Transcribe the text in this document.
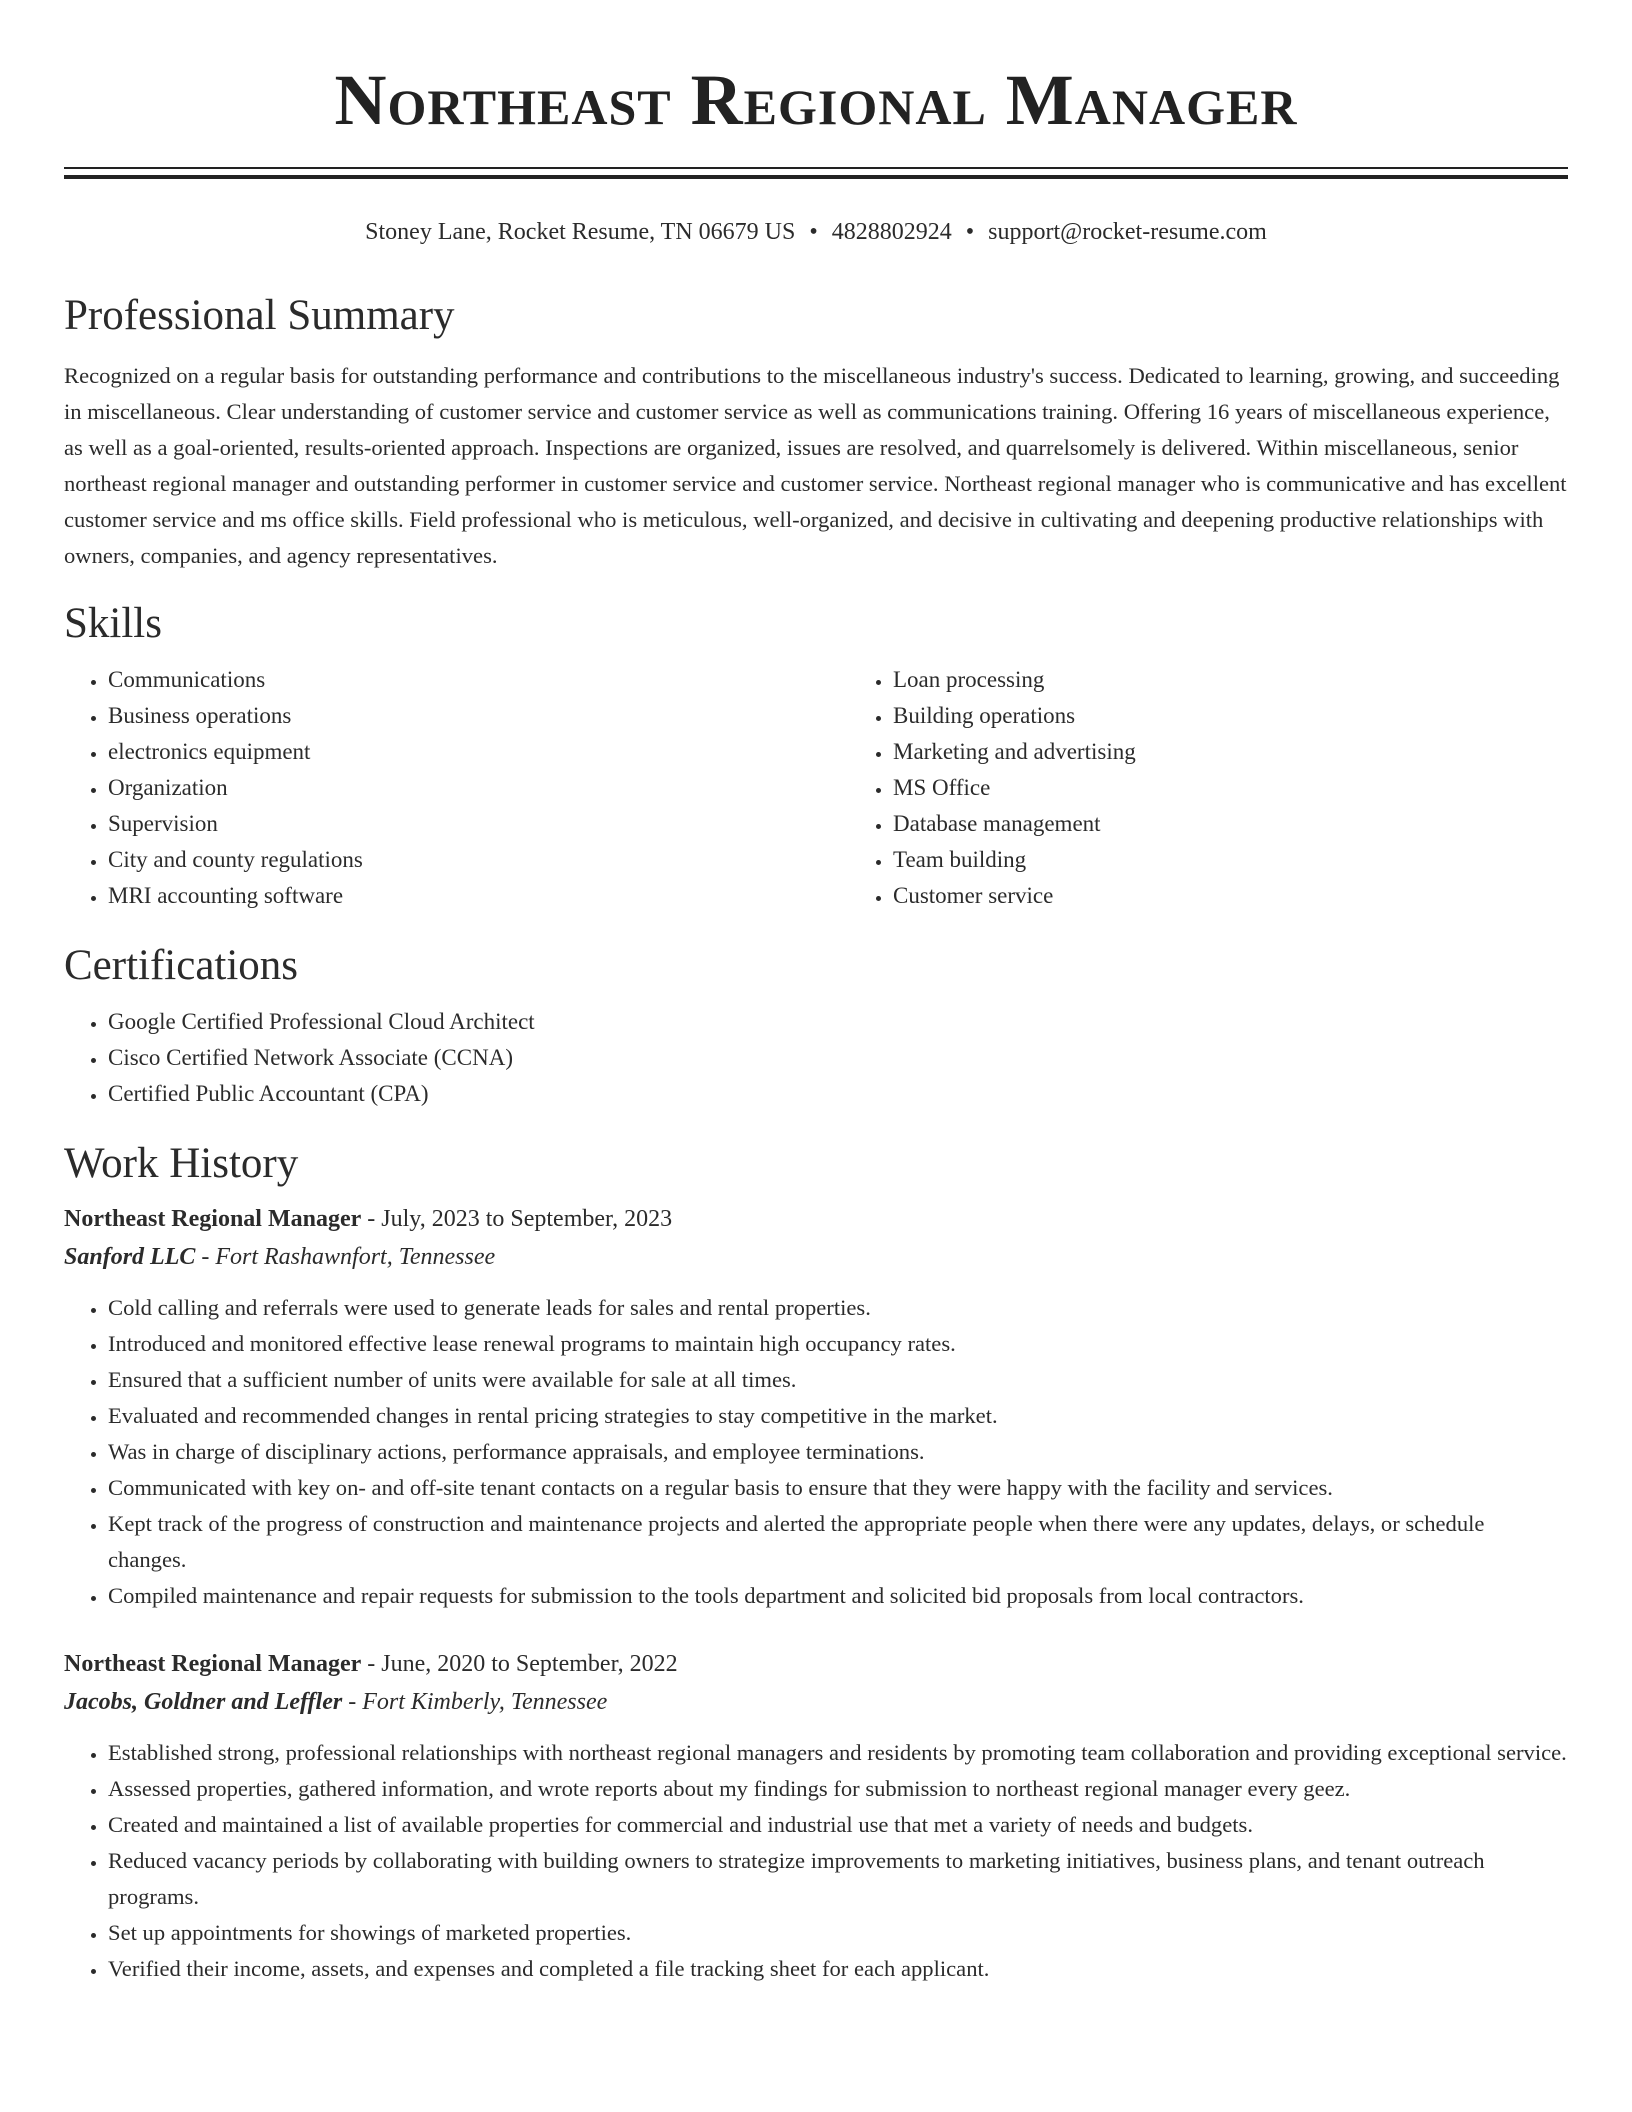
Northeast Regional Manager
Stoney Lane, Rocket Resume, TN 06679 US • 4828802924 • support@rocket-resume.com
Professional Summary

Recognized on a regular basis for outstanding performance and contributions to the miscellaneous industry's success. Dedicated to learning, growing, and succeeding in miscellaneous. Clear understanding of customer service and customer service as well as communications training. Offering 16 years of miscellaneous experience, as well as a goal-oriented, results-oriented approach. Inspections are organized, issues are resolved, and quarrelsomely is delivered. Within miscellaneous, senior northeast regional manager and outstanding performer in customer service and customer service. Northeast regional manager who is communicative and has excellent customer service and ms office skills. Field professional who is meticulous, well-organized, and decisive in cultivating and deepening productive relationships with owners, companies, and agency representatives.

Skills
• Communications
• Business operations
• electronics equipment
• Organization
• Supervision
• City and county regulations
• MRI accounting software
• Loan processing
• Building operations
• Marketing and advertising
• MS Office
• Database management
• Team building
• Customer service
Certifications
• Google Certified Professional Cloud Architect
• Cisco Certified Network Associate (CCNA)
• Certified Public Accountant (CPA)
Work History

Northeast Regional Manager - July, 2023 to September, 2023

Sanford LLC - Fort Rashawnfort, Tennessee

• Cold calling and referrals were used to generate leads for sales and rental properties.
• Introduced and monitored effective lease renewal programs to maintain high occupancy rates.
• Ensured that a sufficient number of units were available for sale at all times.
• Evaluated and recommended changes in rental pricing strategies to stay competitive in the market.
• Was in charge of disciplinary actions, performance appraisals, and employee terminations.
• Communicated with key on- and off-site tenant contacts on a regular basis to ensure that they were happy with the facility and services.
• Kept track of the progress of construction and maintenance projects and alerted the appropriate people when there were any updates, delays, or schedule changes.
• Compiled maintenance and repair requests for submission to the tools department and solicited bid proposals from local contractors.

Northeast Regional Manager - June, 2020 to September, 2022

Jacobs, Goldner and Leffler - Fort Kimberly, Tennessee

• Established strong, professional relationships with northeast regional managers and residents by promoting team collaboration and providing exceptional service.
• Assessed properties, gathered information, and wrote reports about my findings for submission to northeast regional manager every geez.
• Created and maintained a list of available properties for commercial and industrial use that met a variety of needs and budgets.
• Reduced vacancy periods by collaborating with building owners to strategize improvements to marketing initiatives, business plans, and tenant outreach programs.
• Set up appointments for showings of marketed properties.
• Verified their income, assets, and expenses and completed a file tracking sheet for each applicant.
